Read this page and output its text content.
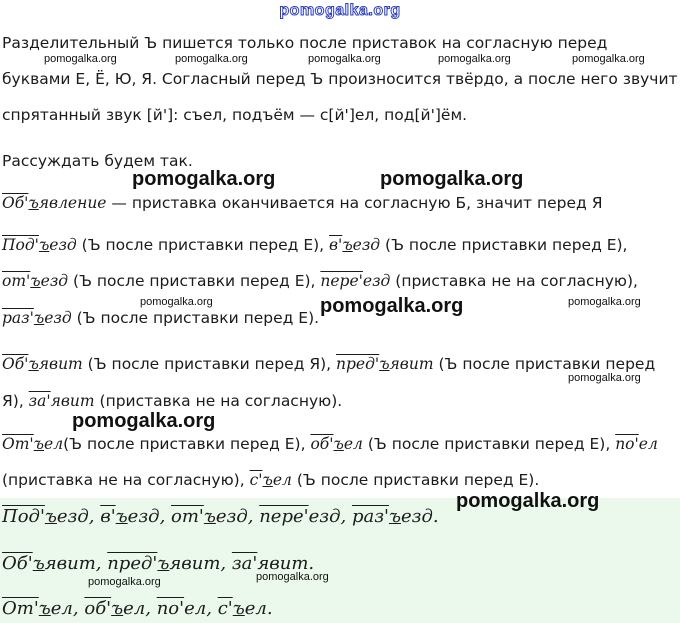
pomogalka.org
Разделительный Ъ пишется только после приставок на согласную перед
буквами Е, Ё, Ю, Я. Согласный перед Ъ произносится твёрдо, а после него звучит
спрятанный звук [й']: съел, подъём — с[й']ел, под[й']ём.
Рассуждать будем так.
Об'ъявление — приставка оканчивается на согласную Б, значит перед Я
Под'ъезд (Ъ после приставки перед Е), в'ъезд (Ъ после приставки перед Е),
от'ъезд (Ъ после приставки перед Е), пере'езд (приставка не на согласную),
раз'ъезд (Ъ после приставки перед Е).
Об'ъявит (Ъ после приставки перед Я), пред'ъявит (Ъ после приставки перед
Я), за'явит (приставка не на согласную).
От'ъел(Ъ после приставки перед Е), об'ъел (Ъ после приставки перед Е), по'ел
(приставка не на согласную), с'ъел (Ъ после приставки перед Е).
Под'ъезд, в'ъезд, от'ъезд, пере'езд, раз'ъезд.
Об'ъявит, пред'ъявит, за'явит.
От'ъел, об'ъел, по'ел, с'ъел.
pomogalka.org	pomogalka.org	pomogalka.org	pomogalka.org	pomogalka.org
pomogalka.org	pomogalka.org
pomogalka.org	pomogalka.org	pomogalka.org
pomogalka.org
pomogalka.org
pomogalka.org
pomogalka.org	pomogalka.org
